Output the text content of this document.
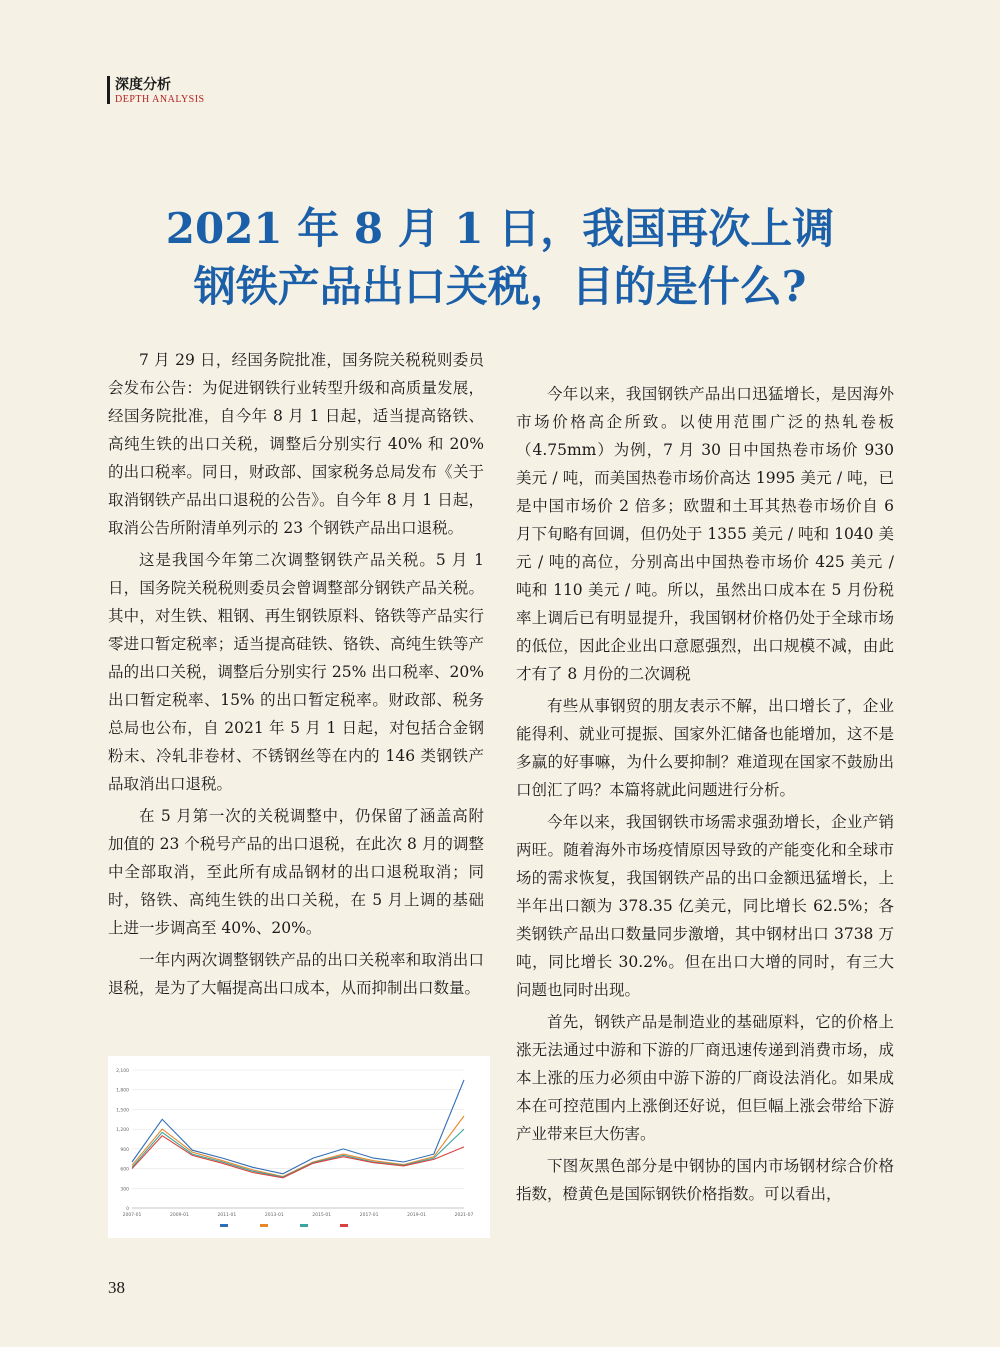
深度分析
DEPTH ANALYSIS
2021 年 8 月 1 日，我国再次上调
钢铁产品出口关税，目的是什么?

7 月 29 日，经国务院批准，国务院关税税则委员会发布公告：为促进钢铁行业转型升级和高质量发展，经国务院批准，自今年 8 月 1 日起，适当提高铬铁、高纯生铁的出口关税，调整后分别实行 40% 和 20% 的出口税率。同日，财政部、国家税务总局发布《关于取消钢铁产品出口退税的公告》。自今年 8 月 1 日起，取消公告所附清单列示的 23 个钢铁产品出口退税。

这是我国今年第二次调整钢铁产品关税。5 月 1 日，国务院关税税则委员会曾调整部分钢铁产品关税。其中，对生铁、粗钢、再生钢铁原料、铬铁等产品实行零进口暂定税率；适当提高硅铁、铬铁、高纯生铁等产品的出口关税，调整后分别实行 25% 出口税率、20% 出口暂定税率、15% 的出口暂定税率。财政部、税务总局也公布，自 2021 年 5 月 1 日起，对包括合金钢粉末、冷轧非卷材、不锈钢丝等在内的 146 类钢铁产品取消出口退税。

在 5 月第一次的关税调整中，仍保留了涵盖高附加值的 23 个税号产品的出口退税，在此次 8 月的调整中全部取消，至此所有成品钢材的出口退税取消；同时，铬铁、高纯生铁的出口关税，在 5 月上调的基础上进一步调高至 40%、20%。

一年内两次调整钢铁产品的出口关税率和取消出口退税，是为了大幅提高出口成本，从而抑制出口数量。

0
300
600
900
1,200
1,500
1,800
2,100
2007-01	2009-01	2011-01	2013-01	2015-01	2017-01	2019-01	2021-07

今年以来，我国钢铁产品出口迅猛增长，是因海外市场价格高企所致。以使用范围广泛的热轧卷板（4.75mm）为例，7 月 30 日中国热卷市场价 930 美元 / 吨，而美国热卷市场价高达 1995 美元 / 吨，已是中国市场价 2 倍多；欧盟和土耳其热卷市场价自 6 月下旬略有回调，但仍处于 1355 美元 / 吨和 1040 美元 / 吨的高位，分别高出中国热卷市场价 425 美元 / 吨和 110 美元 / 吨。所以，虽然出口成本在 5 月份税率上调后已有明显提升，我国钢材价格仍处于全球市场的低位，因此企业出口意愿强烈，出口规模不减，由此才有了 8 月份的二次调税

有些从事钢贸的朋友表示不解，出口增长了，企业能得利、就业可提振、国家外汇储备也能增加，这不是多赢的好事嘛，为什么要抑制？难道现在国家不鼓励出口创汇了吗？本篇将就此问题进行分析。

今年以来，我国钢铁市场需求强劲增长，企业产销两旺。随着海外市场疫情原因导致的产能变化和全球市场的需求恢复，我国钢铁产品的出口金额迅猛增长，上半年出口额为 378.35 亿美元，同比增长 62.5%；各类钢铁产品出口数量同步激增，其中钢材出口 3738 万吨，同比增长 30.2%。但在出口大增的同时，有三大问题也同时出现。

首先，钢铁产品是制造业的基础原料，它的价格上涨无法通过中游和下游的厂商迅速传递到消费市场，成本上涨的压力必须由中游下游的厂商设法消化。如果成本在可控范围内上涨倒还好说，但巨幅上涨会带给下游产业带来巨大伤害。

下图灰黑色部分是中钢协的国内市场钢材综合价格指数，橙黄色是国际钢铁价格指数。可以看出，

38
